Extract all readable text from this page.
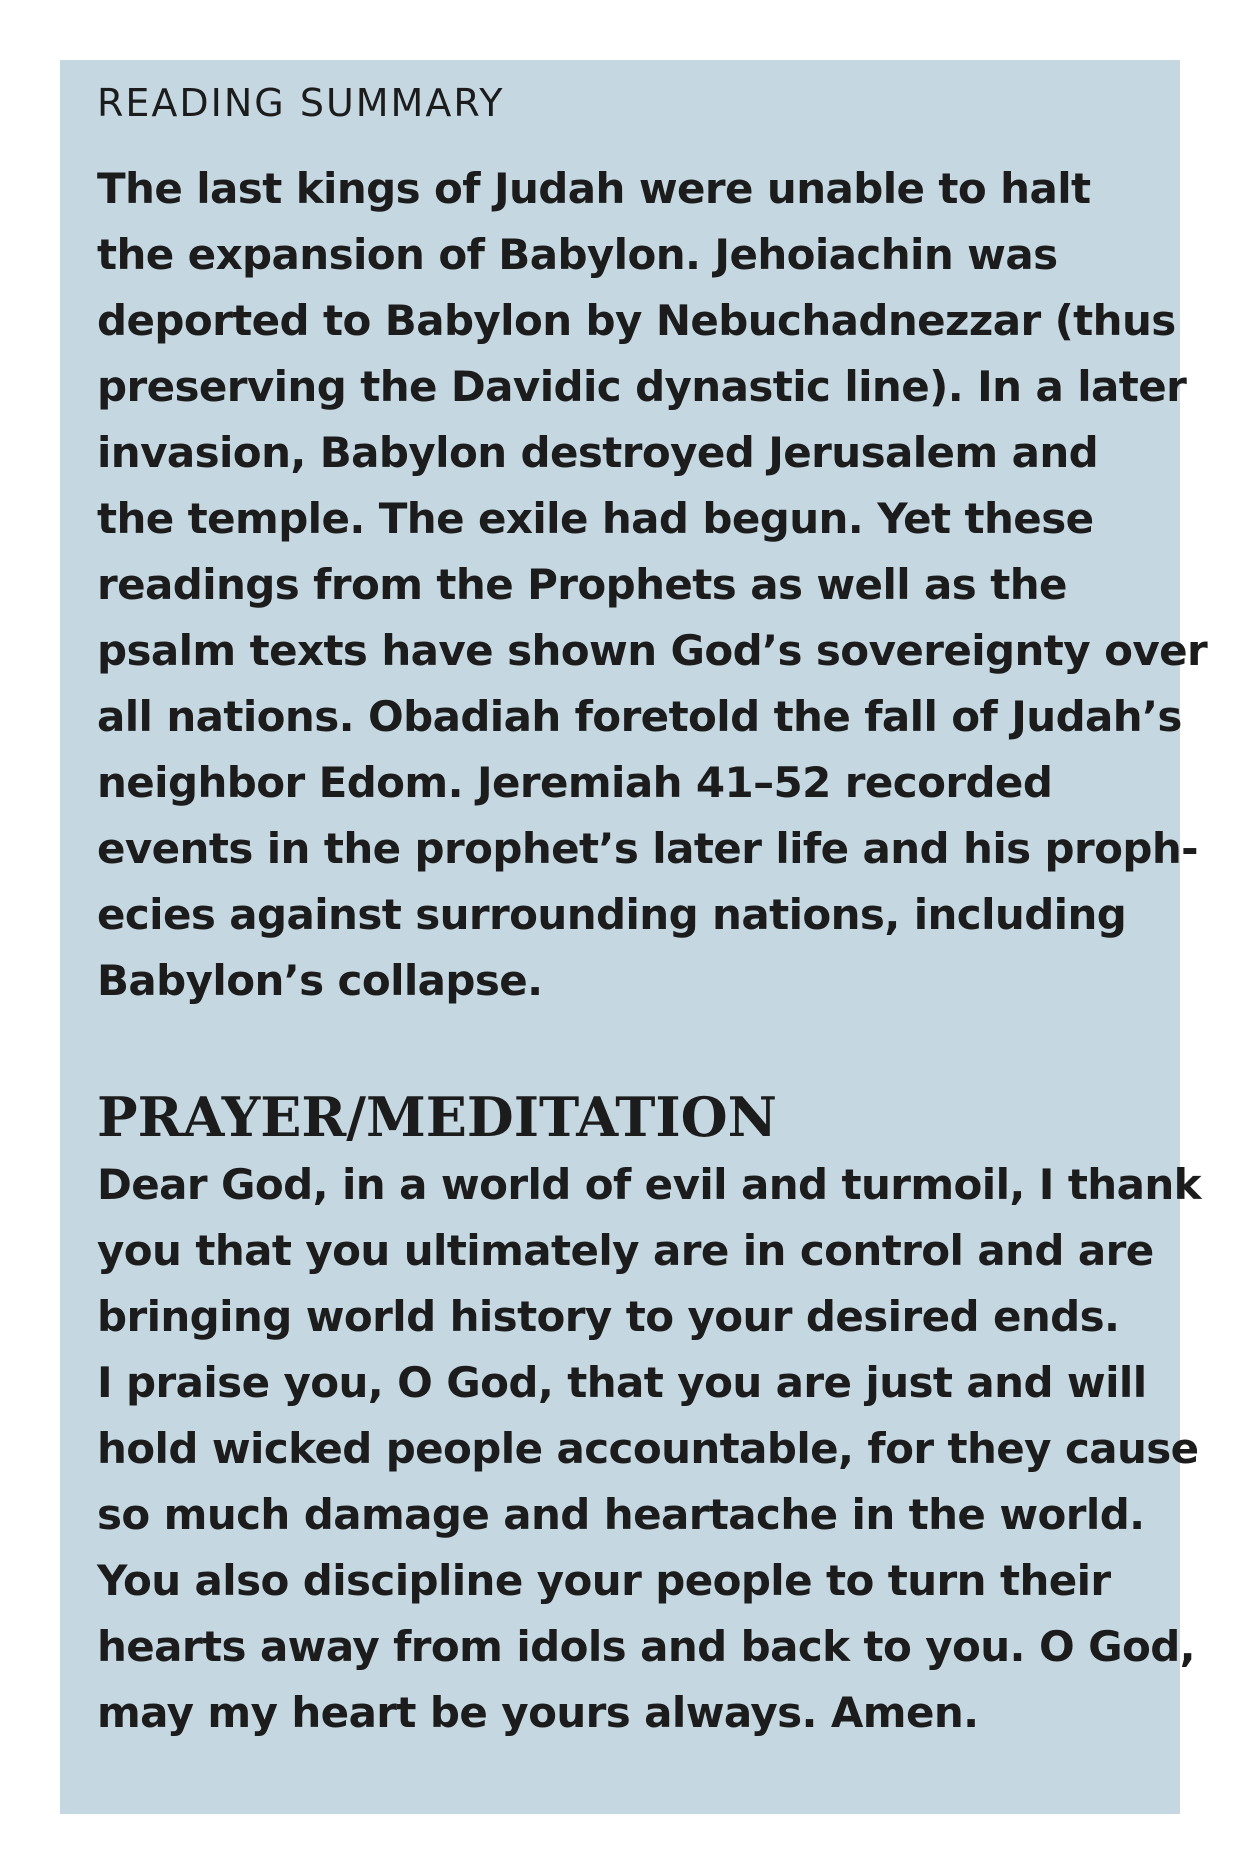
READING SUMMARY

The last kings of Judah were unable to halt
the expansion of Babylon. Jehoiachin was
deported to Babylon by Nebuchadnezzar (thus
preserving the Davidic dynastic line). In a later
invasion, Babylon destroyed Jerusalem and
the temple. The exile had begun. Yet these
readings from the Prophets as well as the
psalm texts have shown God’s sovereignty over
all nations. Obadiah foretold the fall of Judah’s
neighbor Edom. Jeremiah 41–52 recorded
events in the prophet’s later life and his proph-
ecies against surrounding nations, including
Babylon’s collapse.

PRAYER/MEDITATION

Dear God, in a world of evil and turmoil, I thank
you that you ultimately are in control and are
bringing world history to your desired ends.
I praise you, O God, that you are just and will
hold wicked people accountable, for they cause
so much damage and heartache in the world.
You also discipline your people to turn their
hearts away from idols and back to you. O God,
may my heart be yours always. Amen.
